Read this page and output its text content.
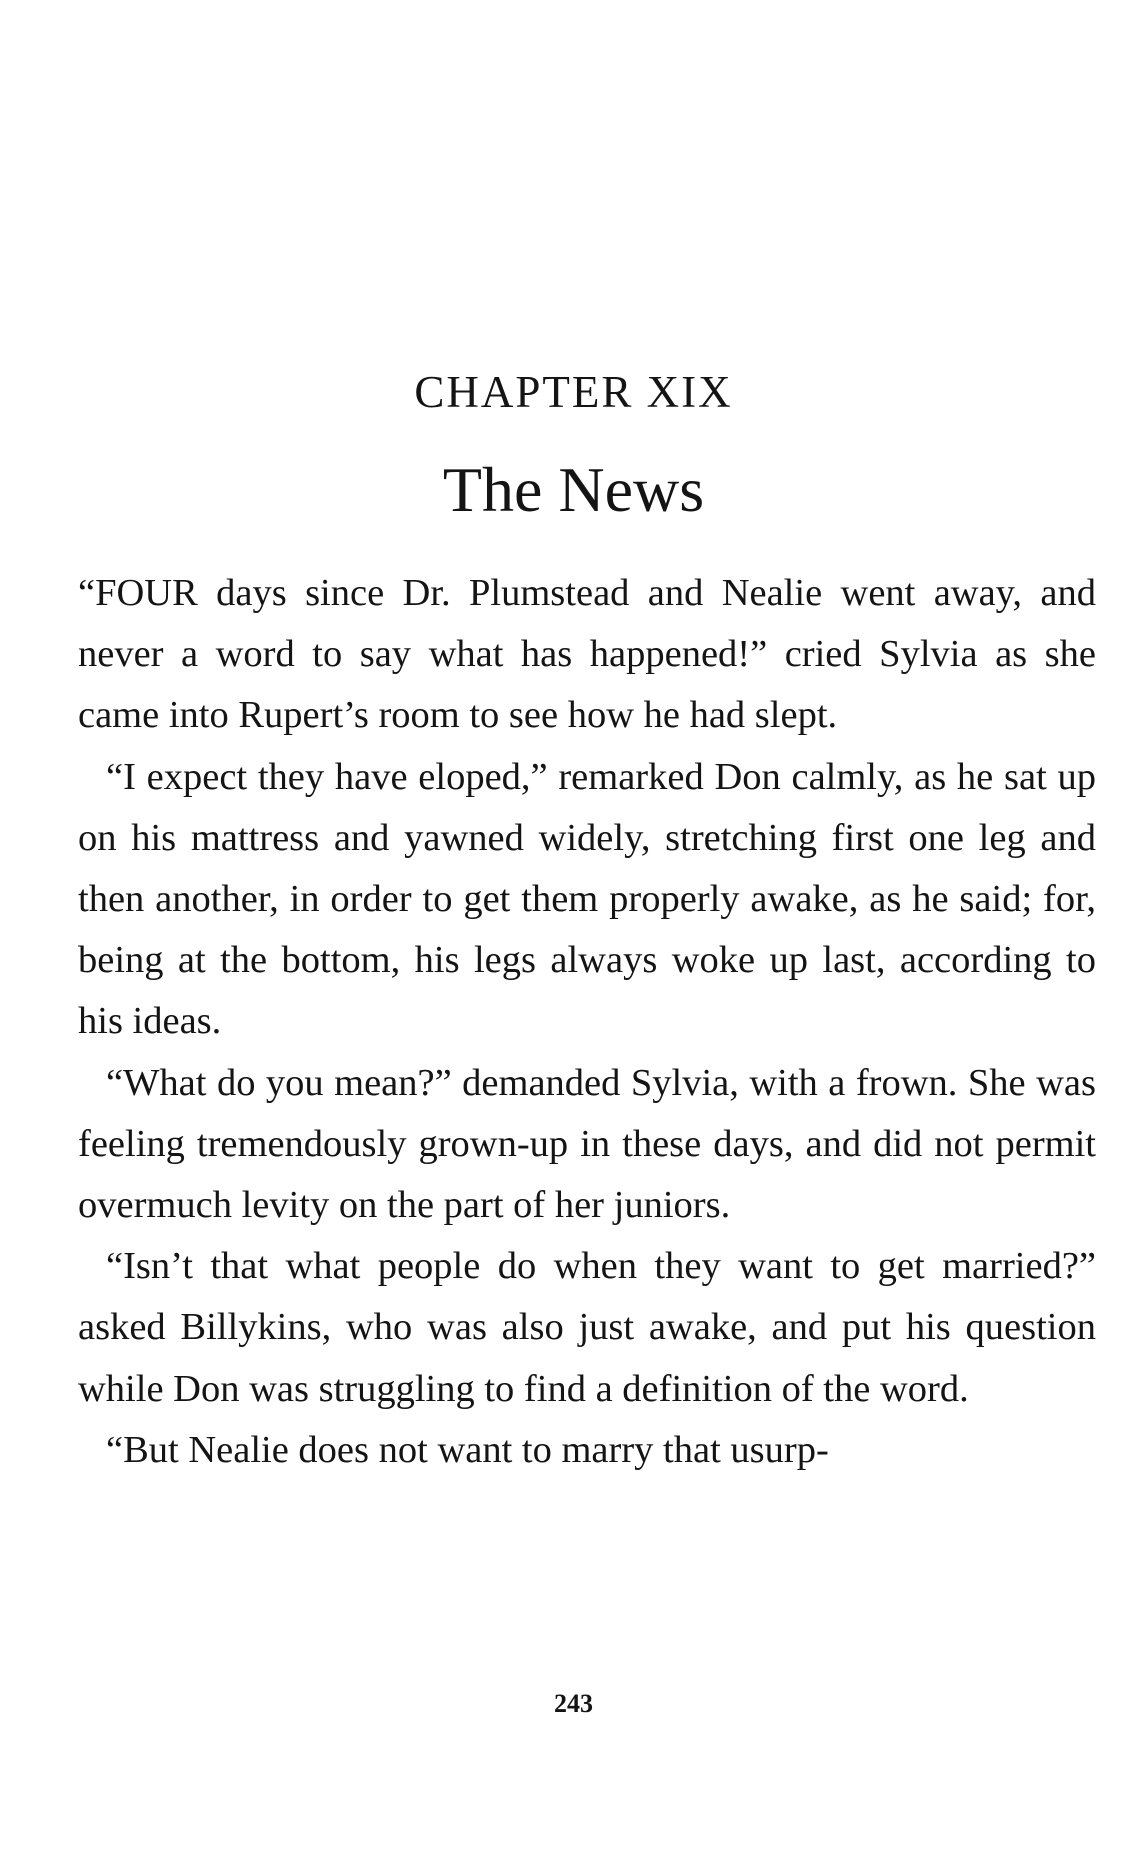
CHAPTER XIX
The News

“FOUR days since Dr. Plumstead and Nealie went away, and never a word to say what has happened!” cried Sylvia as she came into Rupert’s room to see how he had slept.

“I expect they have eloped,” remarked Don calmly, as he sat up on his mattress and yawned widely, stretching first one leg and then another, in order to get them properly awake, as he said; for, being at the bottom, his legs always woke up last, according to his ideas.

“What do you mean?” demanded Sylvia, with a frown. She was feeling tremendously grown-up in these days, and did not permit overmuch levity on the part of her juniors.

“Isn’t that what people do when they want to get married?” asked Billykins, who was also just awake, and put his question while Don was struggling to find a definition of the word.

“But Nealie does not want to marry that usurp-

243
